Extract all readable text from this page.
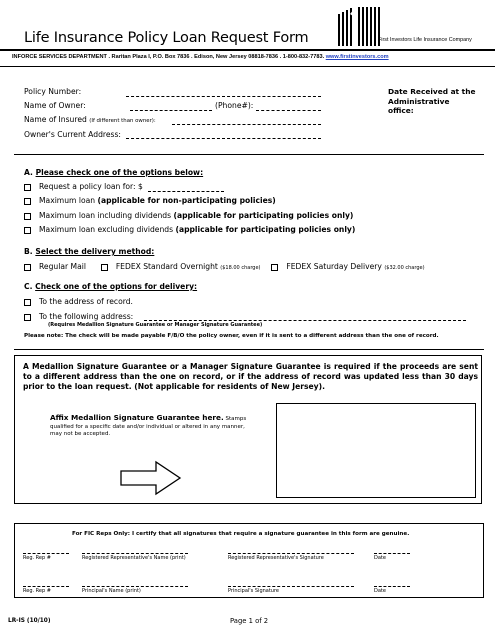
Life Insurance Policy Loan Request Form	First Investors Life Insurance Company
INFORCE SERVICES DEPARTMENT . Raritan Plaza I, P.O. Box 7836 . Edison, New Jersey 08818-7836 . 1-800-832-7783. www.firstinvestors.com
Policy Number:
Name of Owner:	(Phone#):
Name of Insured (If different than owner):
Owner's Current Address:
Date Received at the Administrative office:
A. Please check one of the options below:
Request a policy loan for: $
Maximum loan (applicable for non-participating policies)
Maximum loan including dividends (applicable for participating policies only)
Maximum loan excluding dividends (applicable for participating policies only)
B. Select the delivery method:
Regular Mail	FEDEX Standard Overnight ($18.00 charge)	FEDEX Saturday Delivery ($32.00 charge)
C. Check one of the options for delivery:
To the address of record.
To the following address:
(Requires Medallion Signature Guarantee or Manager Signature Guarantee)
Please note: The check will be made payable F/B/O the policy owner, even if it is sent to a different address than the one of record.
A Medallion Signature Guarantee or a Manager Signature Guarantee is required if the proceeds are sent to a different address than the one on record, or if the address of record was updated less than 30 days prior to the loan request. (Not applicable for residents of New Jersey).
Affix Medallion Signature Guarantee here. Stamps qualified for a specific date and/or individual or altered in any manner, may not be accepted.
For FIC Reps Only: I certify that all signatures that require a signature guarantee in this form are genuine.
Reg. Rep #	Registered Representative's Name (print)	Registered Representative's Signature	Date
Reg. Rep #	Principal's Name (print)	Principal's Signature	Date
LR-IS (10/10)	Page 1 of 2
